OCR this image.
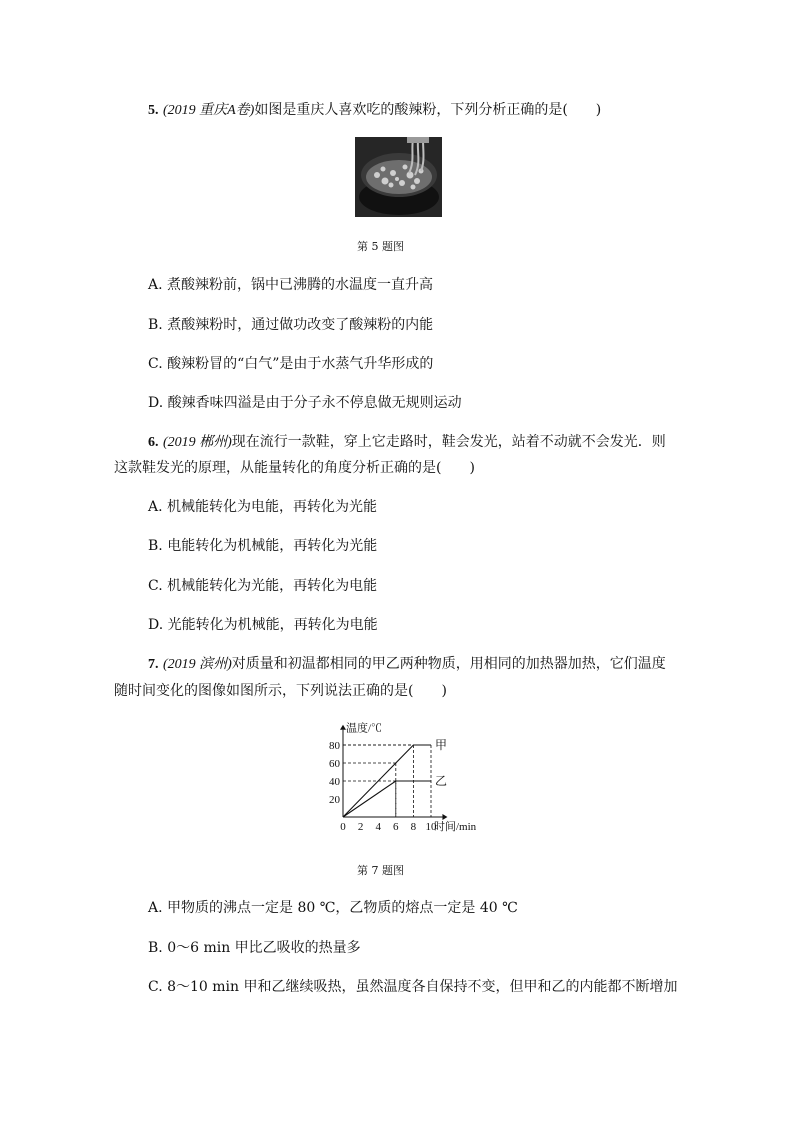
5. (2019 重庆A卷)如图是重庆人喜欢吃的酸辣粉，下列分析正确的是(　　)
第 5 题图
A. 煮酸辣粉前，锅中已沸腾的水温度一直升高
B. 煮酸辣粉时，通过做功改变了酸辣粉的内能
C. 酸辣粉冒的“白气”是由于水蒸气升华形成的
D. 酸辣香味四溢是由于分子永不停息做无规则运动
6. (2019 郴州)现在流行一款鞋，穿上它走路时，鞋会发光，站着不动就不会发光．则
这款鞋发光的原理，从能量转化的角度分析正确的是(　　)
A. 机械能转化为电能，再转化为光能
B. 电能转化为机械能，再转化为光能
C. 机械能转化为光能，再转化为电能
D. 光能转化为机械能，再转化为电能
7. (2019 滨州)对质量和初温都相同的甲乙两种物质，用相同的加热器加热，它们温度
随时间变化的图像如图所示，下列说法正确的是(　　)
甲
乙
0 2 4 6 8 10
20
40
60
80
温度/℃
时间/min
第 7 题图
A. 甲物质的沸点一定是 80 ℃，乙物质的熔点一定是 40 ℃
B. 0～6 min 甲比乙吸收的热量多
C. 8～10 min 甲和乙继续吸热，虽然温度各自保持不变，但甲和乙的内能都不断增加
